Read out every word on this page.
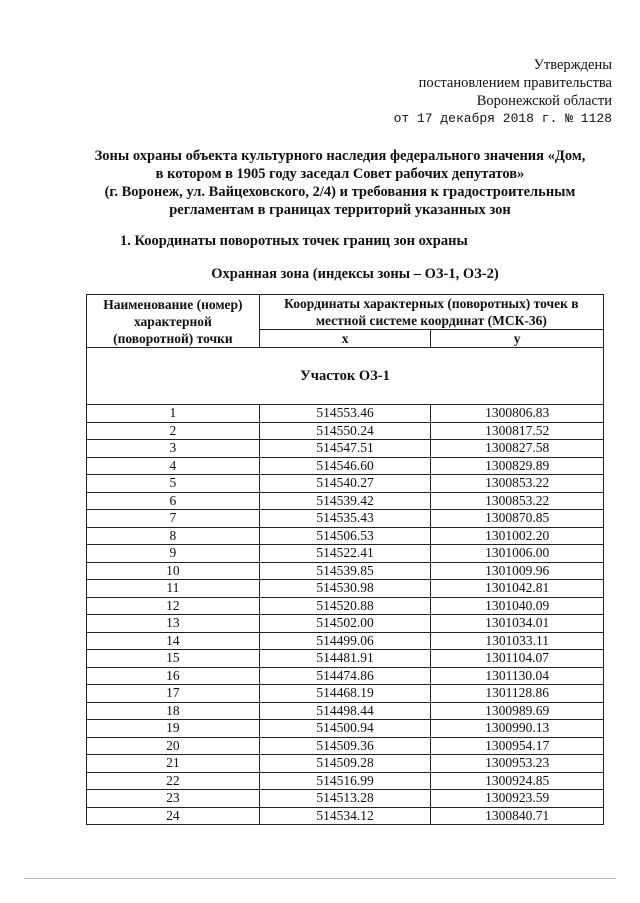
Утверждены
постановлением правительства
Воронежской области
от 17 декабря 2018 г. № 1128
Зоны охраны объекта культурного наследия федерального значения «Дом,
в котором в 1905 году заседал Совет рабочих депутатов»
(г. Воронеж, ул. Вайцеховского, 2/4) и требования к градостроительным
регламентам в границах территорий указанных зон
1. Координаты поворотных точек границ зон охраны
Охранная зона (индексы зоны – ОЗ-1, ОЗ-2)
Наименование (номер) характерной (поворотной) точки	Координаты характерных (поворотных) точек в местной системе координат (МСК-36)	
	x	y
Участок ОЗ-1		
1	514553.46	1300806.83
2	514550.24	1300817.52
3	514547.51	1300827.58
4	514546.60	1300829.89
5	514540.27	1300853.22
6	514539.42	1300853.22
7	514535.43	1300870.85
8	514506.53	1301002.20
9	514522.41	1301006.00
10	514539.85	1301009.96
11	514530.98	1301042.81
12	514520.88	1301040.09
13	514502.00	1301034.01
14	514499.06	1301033.11
15	514481.91	1301104.07
16	514474.86	1301130.04
17	514468.19	1301128.86
18	514498.44	1300989.69
19	514500.94	1300990.13
20	514509.36	1300954.17
21	514509.28	1300953.23
22	514516.99	1300924.85
23	514513.28	1300923.59
24	514534.12	1300840.71
